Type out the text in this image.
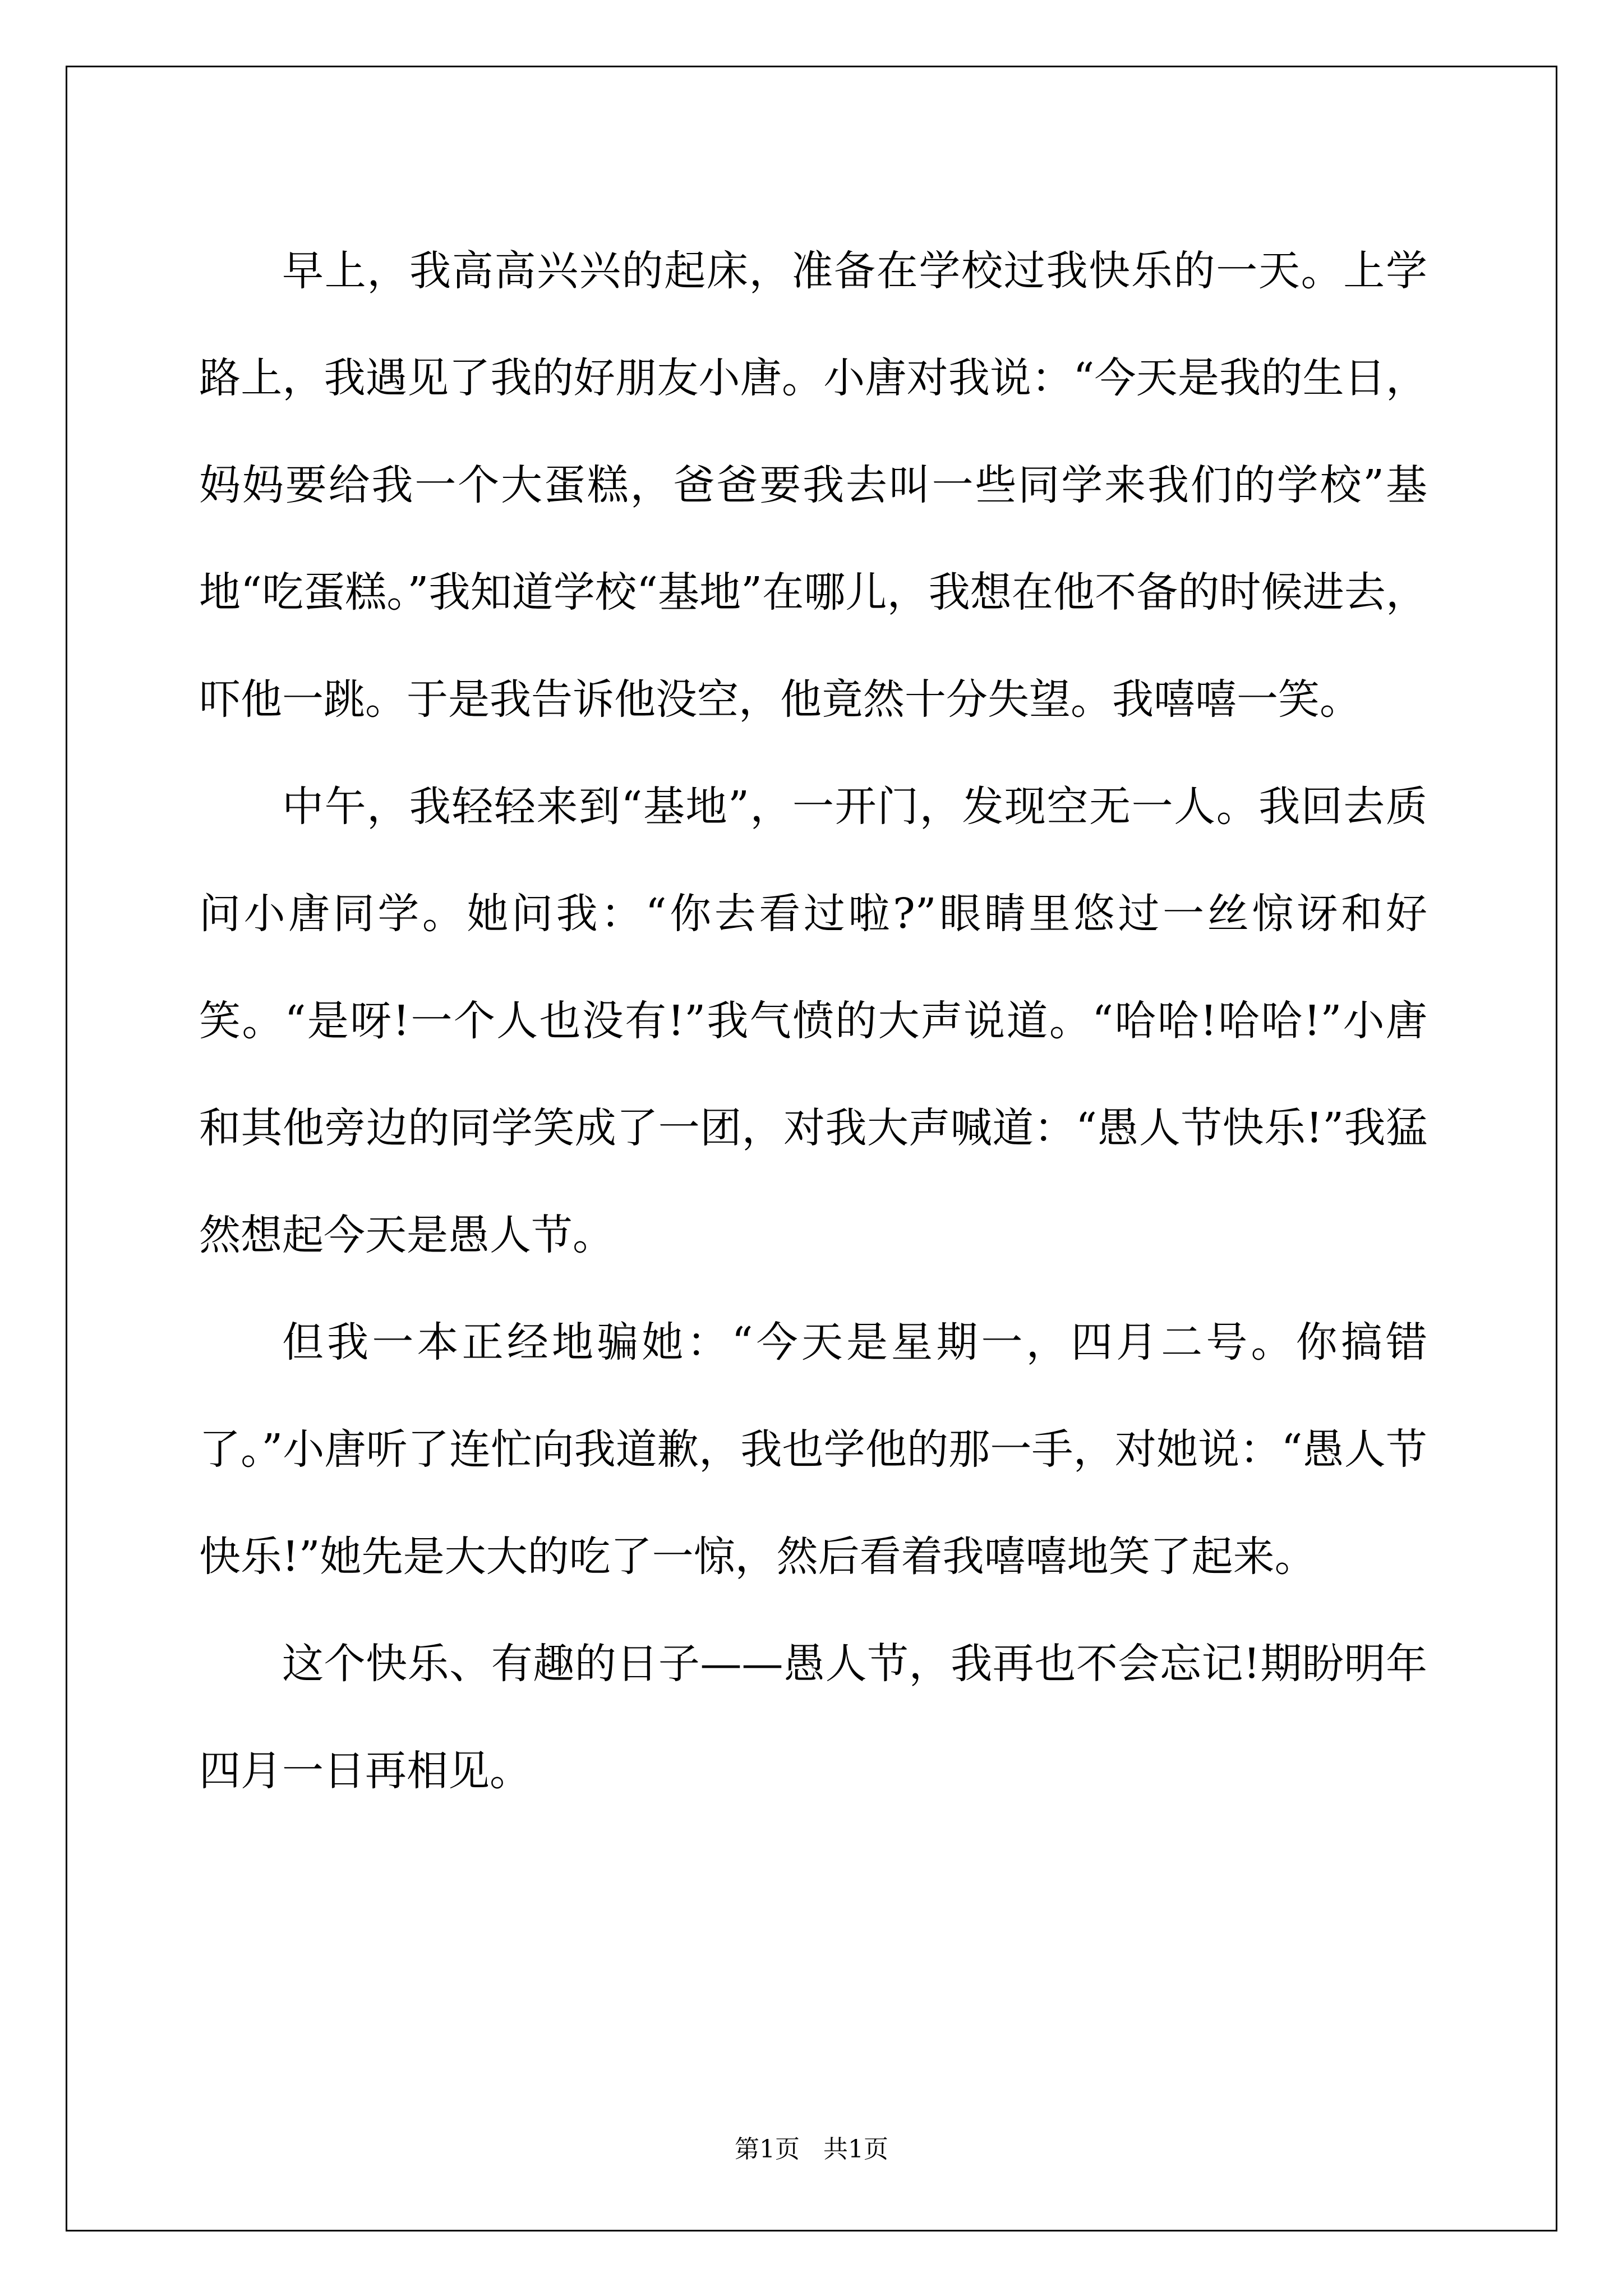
早上，我高高兴兴的起床，准备在学校过我快乐的一天。上学路上，我遇见了我的好朋友小唐。小唐对我说：“今天是我的生日，妈妈要给我一个大蛋糕，爸爸要我去叫一些同学来我们的学校”基地“吃蛋糕。”我知道学校“基地”在哪儿，我想在他不备的时候进去，吓他一跳。于是我告诉他没空，他竟然十分失望。我嘻嘻一笑。

中午，我轻轻来到“基地”，一开门，发现空无一人。我回去质问小唐同学。她问我：“你去看过啦?”眼睛里悠过一丝惊讶和好笑。“是呀!一个人也没有!”我气愤的大声说道。“哈哈!哈哈!”小唐和其他旁边的同学笑成了一团，对我大声喊道：“愚人节快乐!”我猛然想起今天是愚人节。

但我一本正经地骗她：“今天是星期一，四月二号。你搞错了。”小唐听了连忙向我道歉，我也学他的那一手，对她说：“愚人节快乐!”她先是大大的吃了一惊，然后看着我嘻嘻地笑了起来。

这个快乐、有趣的日子——愚人节，我再也不会忘记!期盼明年四月一日再相见。

第1页   共1页
